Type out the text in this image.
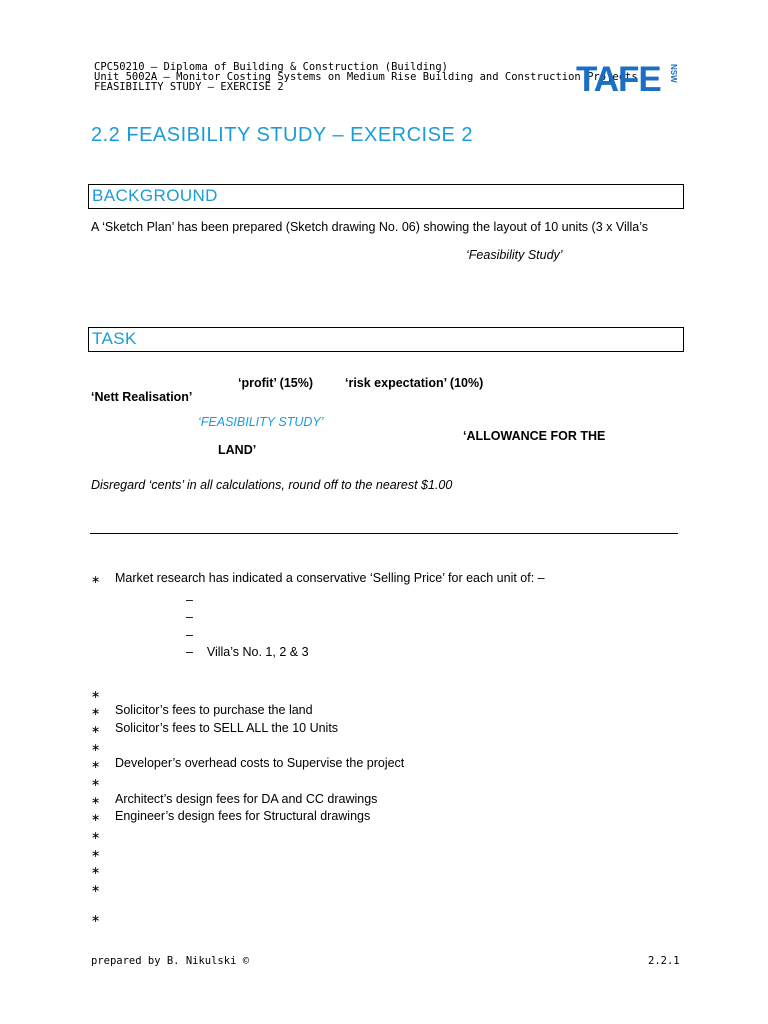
CPC50210 – Diploma of Building & Construction (Building)
Unit 5002A – Monitor Costing Systems on Medium Rise Building and Construction Projects
FEASIBILITY STUDY – EXERCISE 2	TAFE NSW
2.2 FEASIBILITY STUDY – EXERCISE 2
BACKGROUND
A ‘Sketch Plan’ has been prepared (Sketch drawing No. 06) showing the layout of 10 units (3 x Villa’s
‘Feasibility Study’
TASK
‘profit’ (15%)	‘risk expectation’ (10%)
‘Nett Realisation’
‘FEASIBILITY STUDY’
‘ALLOWANCE FOR THE
LAND’
Disregard ‘cents’ in all calculations, round off to the nearest $1.00
∗ Market research has indicated a conservative ‘Selling Price’ for each unit of: –
–
–
–
–    Villa’s No. 1, 2 & 3
∗
∗ Solicitor’s fees to purchase the land
∗ Solicitor’s fees to SELL ALL the 10 Units
∗
∗ Developer’s overhead costs to Supervise the project
∗
∗ Architect’s design fees for DA and CC drawings
∗ Engineer’s design fees for Structural drawings
∗
∗
∗
∗
∗
prepared by B. Nikulski ©	2.2.1
